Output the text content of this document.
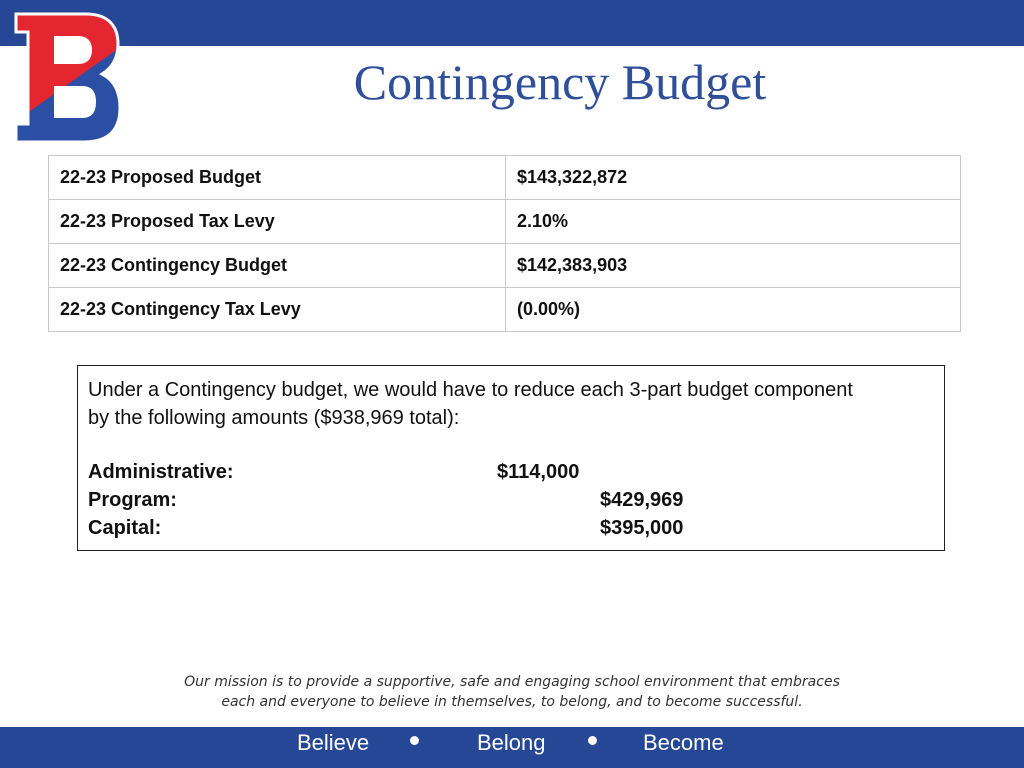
Contingency Budget
22-23 Proposed Budget	$143,322,872
22-23 Proposed Tax Levy	2.10%
22-23 Contingency Budget	$142,383,903
22-23 Contingency Tax Levy	(0.00%)
Under a Contingency budget, we would have to reduce each 3-part budget component by the following amounts ($938,969 total):
Administrative:	$114,000
Program:	$429,969
Capital:	$395,000
Our mission is to provide a supportive, safe and engaging school environment that embraces
each and everyone to believe in themselves, to belong, and to become successful.
Believe	Belong	Become
